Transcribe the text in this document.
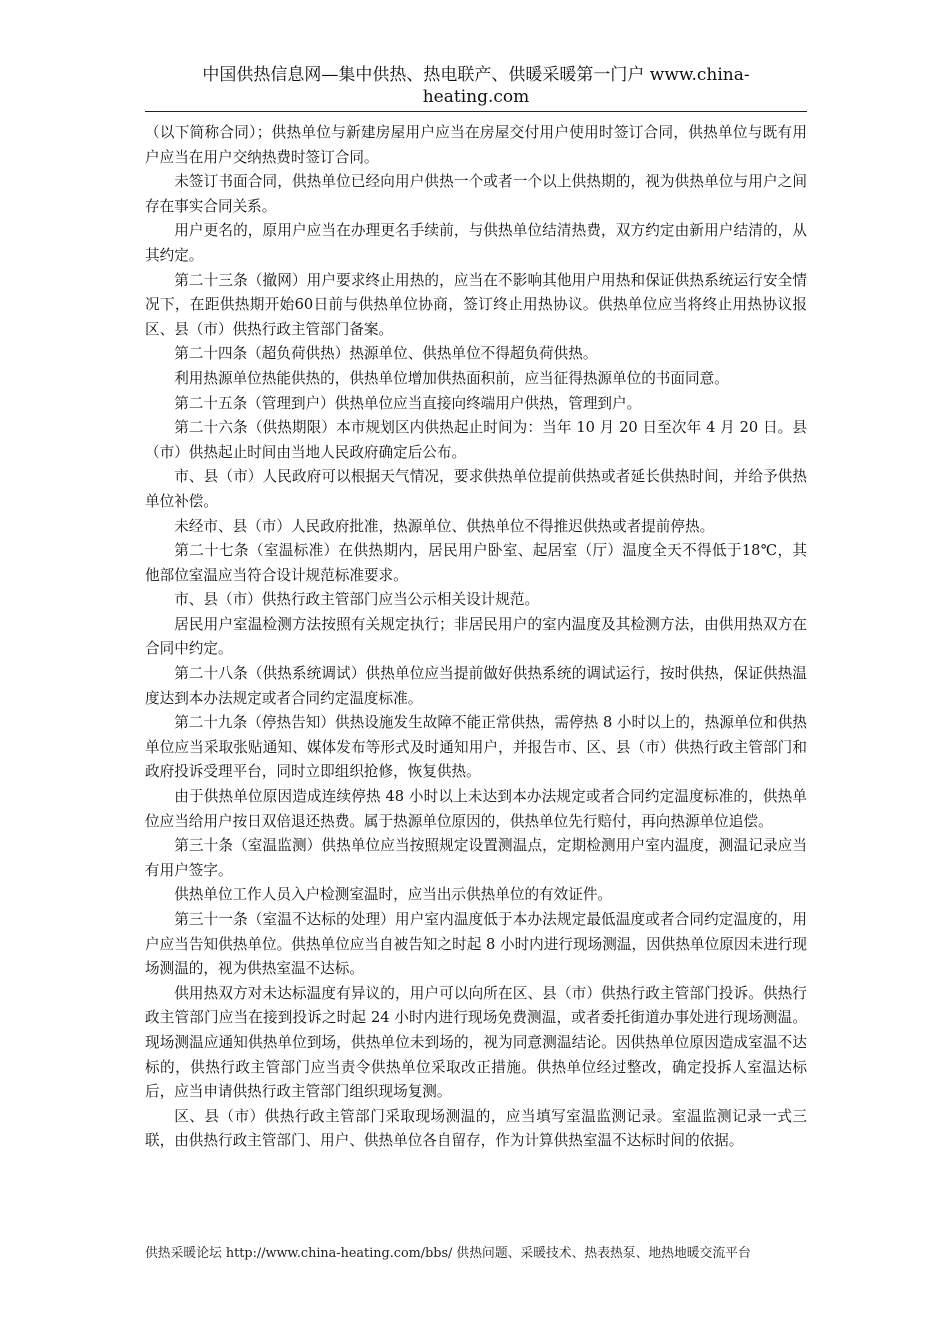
中国供热信息网—集中供热、热电联产、供暖采暖第一门户 www.china-
heating.com

（以下简称合同）；供热单位与新建房屋用户应当在房屋交付用户使用时签订合同，供热单位与既有用户应当在用户交纳热费时签订合同。

未签订书面合同，供热单位已经向用户供热一个或者一个以上供热期的，视为供热单位与用户之间存在事实合同关系。

用户更名的，原用户应当在办理更名手续前，与供热单位结清热费，双方约定由新用户结清的，从其约定。

第二十三条（撤网）用户要求终止用热的，应当在不影响其他用户用热和保证供热系统运行安全情况下，在距供热期开始60日前与供热单位协商，签订终止用热协议。供热单位应当将终止用热协议报区、县（市）供热行政主管部门备案。

第二十四条（超负荷供热）热源单位、供热单位不得超负荷供热。

利用热源单位热能供热的，供热单位增加供热面积前，应当征得热源单位的书面同意。

第二十五条（管理到户）供热单位应当直接向终端用户供热，管理到户。

第二十六条（供热期限）本市规划区内供热起止时间为：当年 10 月 20 日至次年 4 月 20 日。县（市）供热起止时间由当地人民政府确定后公布。

市、县（市）人民政府可以根据天气情况，要求供热单位提前供热或者延长供热时间，并给予供热单位补偿。

未经市、县（市）人民政府批准，热源单位、供热单位不得推迟供热或者提前停热。

第二十七条（室温标准）在供热期内，居民用户卧室、起居室（厅）温度全天不得低于18℃，其他部位室温应当符合设计规范标准要求。

市、县（市）供热行政主管部门应当公示相关设计规范。

居民用户室温检测方法按照有关规定执行；非居民用户的室内温度及其检测方法，由供用热双方在合同中约定。

第二十八条（供热系统调试）供热单位应当提前做好供热系统的调试运行，按时供热，保证供热温度达到本办法规定或者合同约定温度标准。

第二十九条（停热告知）供热设施发生故障不能正常供热，需停热 8 小时以上的，热源单位和供热单位应当采取张贴通知、媒体发布等形式及时通知用户，并报告市、区、县（市）供热行政主管部门和政府投诉受理平台，同时立即组织抢修，恢复供热。

由于供热单位原因造成连续停热 48 小时以上未达到本办法规定或者合同约定温度标准的，供热单位应当给用户按日双倍退还热费。属于热源单位原因的，供热单位先行赔付，再向热源单位追偿。

第三十条（室温监测）供热单位应当按照规定设置测温点，定期检测用户室内温度，测温记录应当有用户签字。

供热单位工作人员入户检测室温时，应当出示供热单位的有效证件。

第三十一条（室温不达标的处理）用户室内温度低于本办法规定最低温度或者合同约定温度的，用户应当告知供热单位。供热单位应当自被告知之时起 8 小时内进行现场测温，因供热单位原因未进行现场测温的，视为供热室温不达标。

供用热双方对未达标温度有异议的，用户可以向所在区、县（市）供热行政主管部门投诉。供热行政主管部门应当在接到投诉之时起 24 小时内进行现场免费测温，或者委托街道办事处进行现场测温。现场测温应通知供热单位到场，供热单位未到场的，视为同意测温结论。因供热单位原因造成室温不达标的，供热行政主管部门应当责令供热单位采取改正措施。供热单位经过整改，确定投拆人室温达标后，应当申请供热行政主管部门组织现场复测。

区、县（市）供热行政主管部门采取现场测温的，应当填写室温监测记录。室温监测记录一式三联，由供热行政主管部门、用户、供热单位各自留存，作为计算供热室温不达标时间的依据。

供热采暖论坛 http://www.china-heating.com/bbs/ 供热问题、采暖技术、热表热泵、地热地暖交流平台
